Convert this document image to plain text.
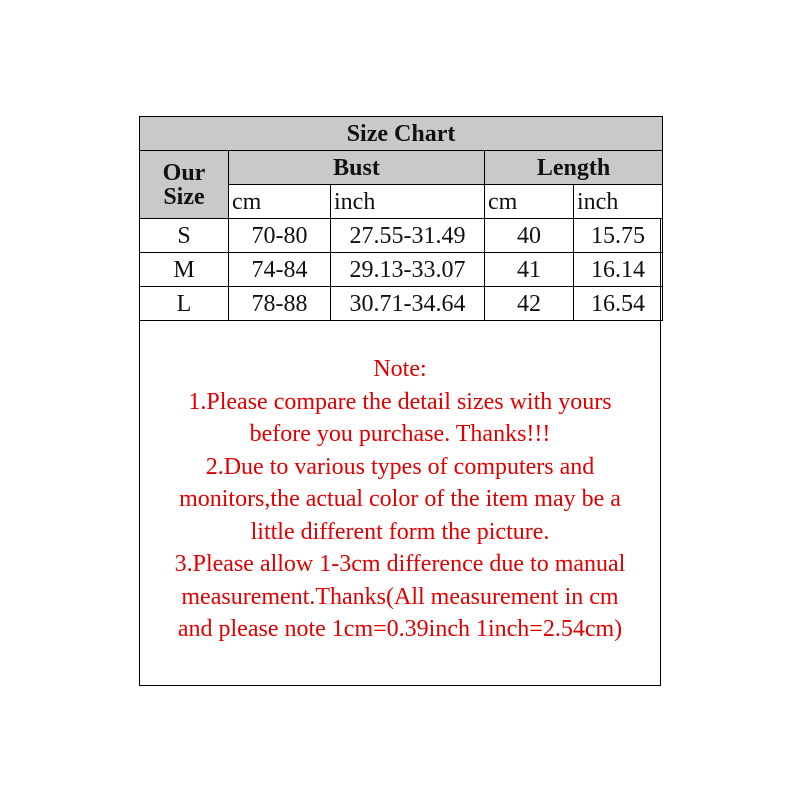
Size Chart				
Our
Size	Bust		Length	
	cm	inch	cm	inch
S	70-80	27.55-31.49	40	15.75
M	74-84	29.13-33.07	41	16.14
L	78-88	30.71-34.64	42	16.54
Note:
1.Please compare the detail sizes with yours
before you purchase. Thanks!!!
2.Due to various types of computers and
monitors,the actual color of the item may be a
little different form the picture.
3.Please allow 1-3cm difference due to manual
measurement.Thanks(All measurement in cm
and please note 1cm=0.39inch 1inch=2.54cm)
